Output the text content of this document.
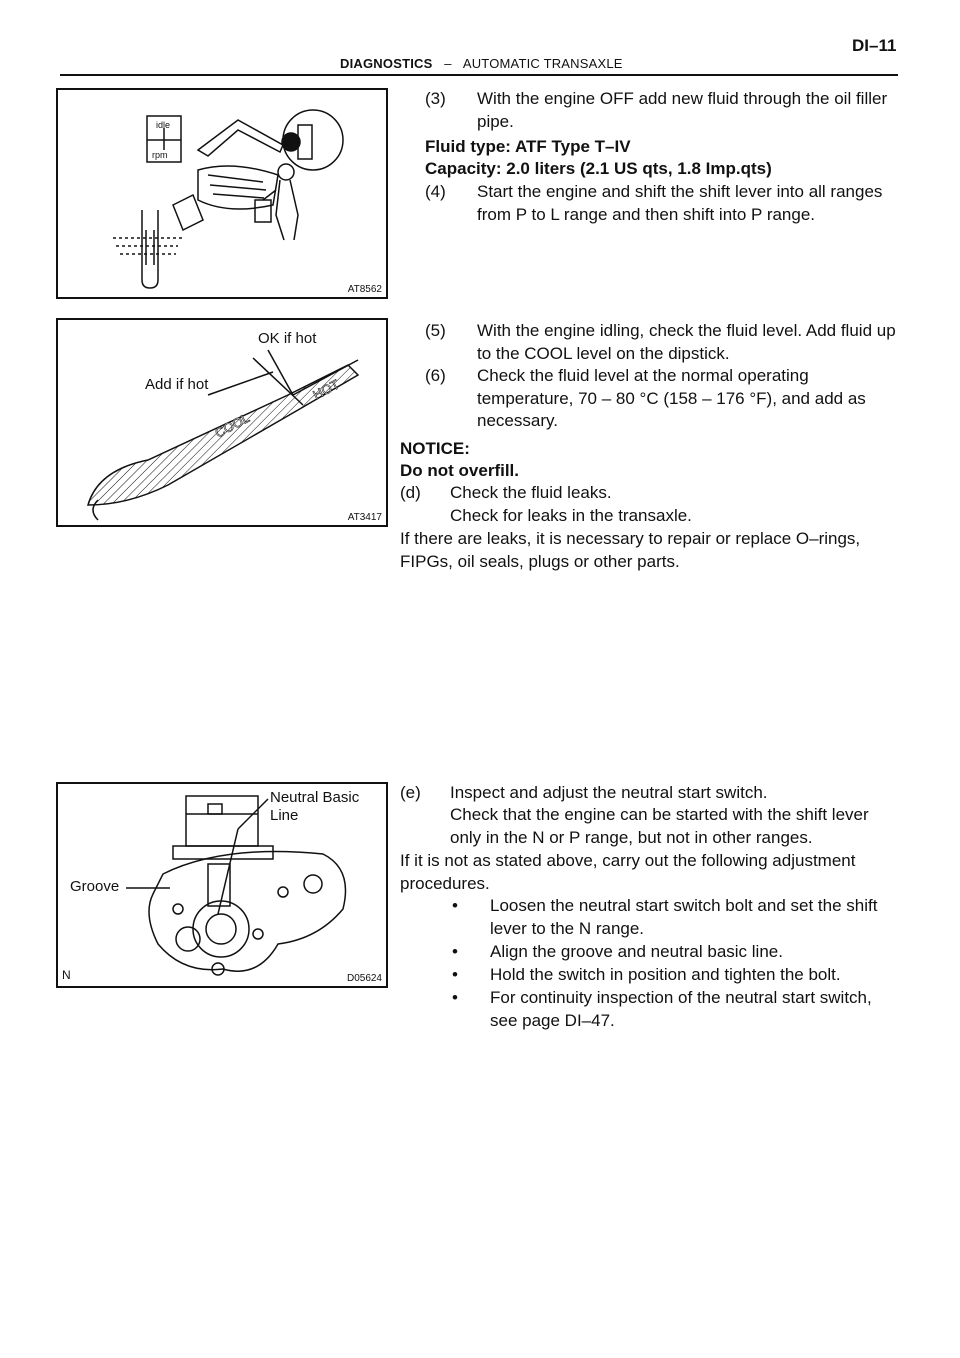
DI–11
DIAGNOSTICS – AUTOMATIC TRANSAXLE
idle
rpm
AT8562
COOL
HOT
OK if hot
Add if hot
AT3417
Neutral Basic
Line
Groove
N	D05624
(3) With the engine OFF add new fluid through the oil filler pipe.
Fluid type: ATF Type T–IV
Capacity: 2.0 liters (2.1 US qts, 1.8 Imp.qts)
(4) Start the engine and shift the shift lever into all ranges from P to L range and then shift into P range.
(5) With the engine idling, check the fluid level. Add fluid up to the COOL level on the dipstick.
(6) Check the fluid level at the normal operating temperature, 70 – 80 °C (158 – 176 °F), and add as necessary.
NOTICE:
Do not overfill.
(d) Check the fluid leaks.
Check for leaks in the transaxle.
If there are leaks, it is necessary to repair or replace O–rings, FIPGs, oil seals, plugs or other parts.
(e) Inspect and adjust the neutral start switch.
Check that the engine can be started with the shift lever only in the N or P range, but not in other ranges.
If it is not as stated above, carry out the following adjustment procedures.
• Loosen the neutral start switch bolt and set the shift lever to the N range.
• Align the groove and neutral basic line.
• Hold the switch in position and tighten the bolt.
• For continuity inspection of the neutral start switch, see page DI–47.
